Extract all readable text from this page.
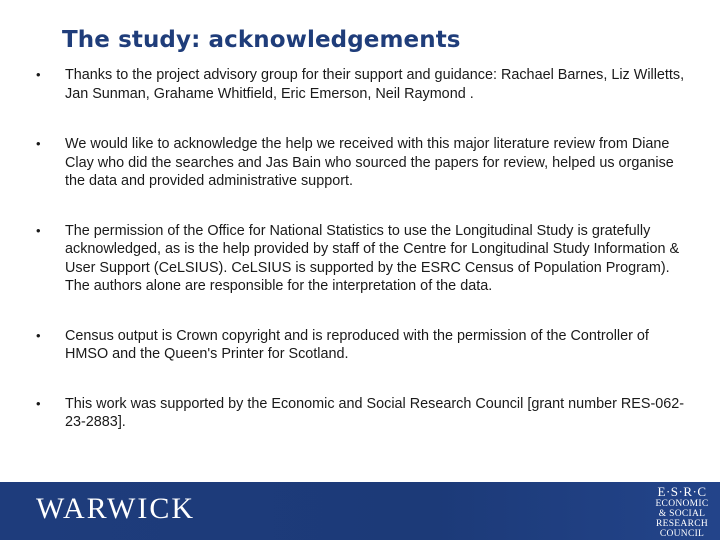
The study: acknowledgements
• Thanks to the project advisory group for their support and guidance: Rachael Barnes, Liz Willetts, Jan Sunman, Grahame Whitfield, Eric Emerson, Neil Raymond .
• We would like to acknowledge the help we received with this major literature review from Diane Clay who did the searches and Jas Bain who sourced the papers for review, helped us organise the data and provided administrative support.
• The permission of the Office for National Statistics to use the Longitudinal Study is gratefully acknowledged, as is the help provided by staff of the Centre for Longitudinal Study Information & User Support (CeLSIUS). CeLSIUS is supported by the ESRC Census of Population Program). The authors alone are responsible for the interpretation of the data.
• Census output is Crown copyright and is reproduced with the permission of the Controller of HMSO and the Queen's Printer for Scotland.
• This work was supported by the Economic and Social Research Council [grant number RES-062-23-2883].
WARWICK
E·S·R·C
ECONOMIC
& SOCIAL
RESEARCH
COUNCIL
